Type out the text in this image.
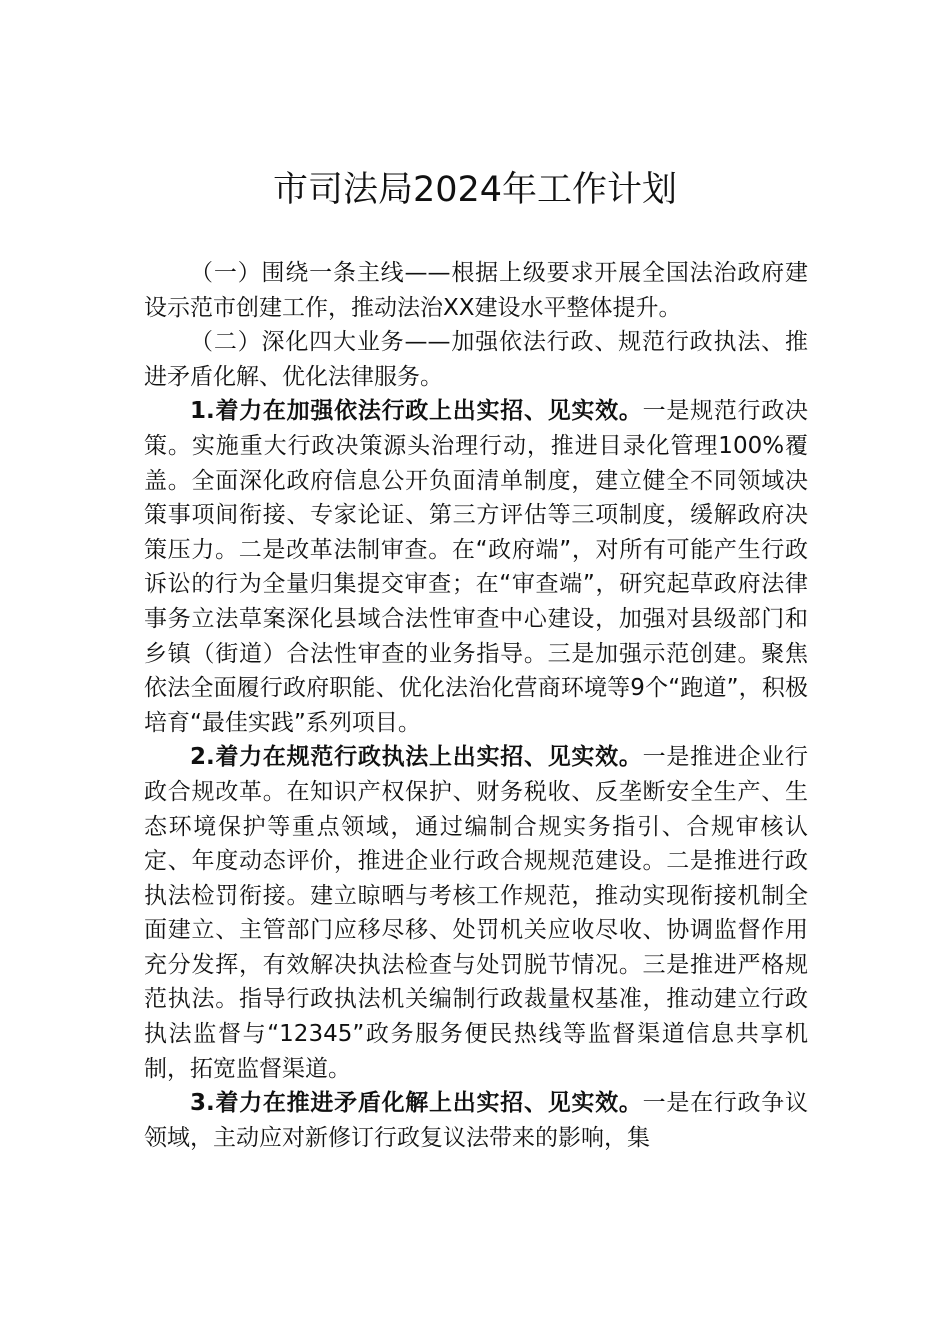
市司法局2024年工作计划

（一）围绕一条主线——根据上级要求开展全国法治政府建设示范市创建工作，推动法治XX建设水平整体提升。

（二）深化四大业务——加强依法行政、规范行政执法、推进矛盾化解、优化法律服务。

1.着力在加强依法行政上出实招、见实效。一是规范行政决策。实施重大行政决策源头治理行动，推进目录化管理100%覆盖。全面深化政府信息公开负面清单制度，建立健全不同领域决策事项间衔接、专家论证、第三方评估等三项制度，缓解政府决策压力。二是改革法制审查。在“政府端”，对所有可能产生行政诉讼的行为全量归集提交审查；在“审查端”，研究起草政府法律事务立法草案深化县域合法性审查中心建设，加强对县级部门和乡镇（街道）合法性审查的业务指导。三是加强示范创建。聚焦依法全面履行政府职能、优化法治化营商环境等9个“跑道”，积极培育“最佳实践”系列项目。

2.着力在规范行政执法上出实招、见实效。一是推进企业行政合规改革。在知识产权保护、财务税收、反垄断安全生产、生态环境保护等重点领域，通过编制合规实务指引、合规审核认定、年度动态评价，推进企业行政合规规范建设。二是推进行政执法检罚衔接。建立晾晒与考核工作规范，推动实现衔接机制全面建立、主管部门应移尽移、处罚机关应收尽收、协调监督作用充分发挥，有效解决执法检查与处罚脱节情况。三是推进严格规范执法。指导行政执法机关编制行政裁量权基准，推动建立行政执法监督与“12345”政务服务便民热线等监督渠道信息共享机制，拓宽监督渠道。

3.着力在推进矛盾化解上出实招、见实效。一是在行政争议领域，主动应对新修订行政复议法带来的影响，集
